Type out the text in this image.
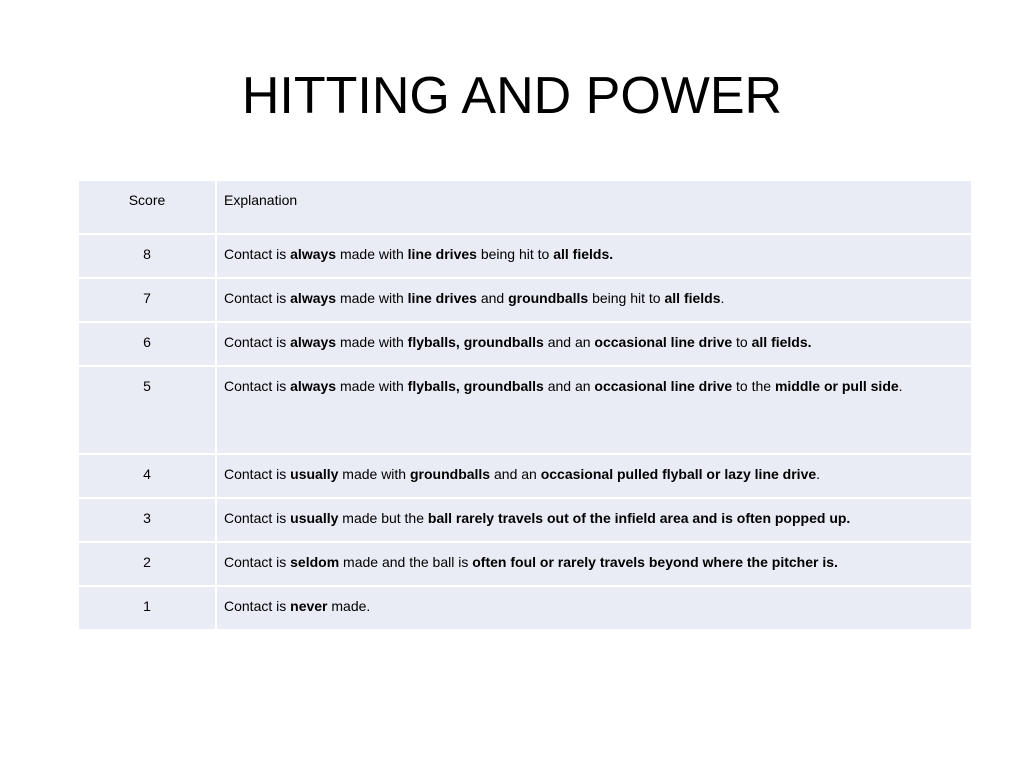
HITTING AND POWER
Score	Explanation

8	Contact is always made with line drives being hit to all fields.

7	Contact is always made with line drives and groundballs being hit to all fields.

6	Contact is always made with flyballs, groundballs and an occasional line drive to all fields.

5	Contact is always made with flyballs, groundballs and an occasional line drive to the middle or pull side.

4	Contact is usually made with groundballs and an occasional pulled flyball or lazy line drive.

3	Contact is usually made but the ball rarely travels out of the infield area and is often popped up.

2	Contact is seldom made and the ball is often foul or rarely travels beyond where the pitcher is.

1	Contact is never made.
